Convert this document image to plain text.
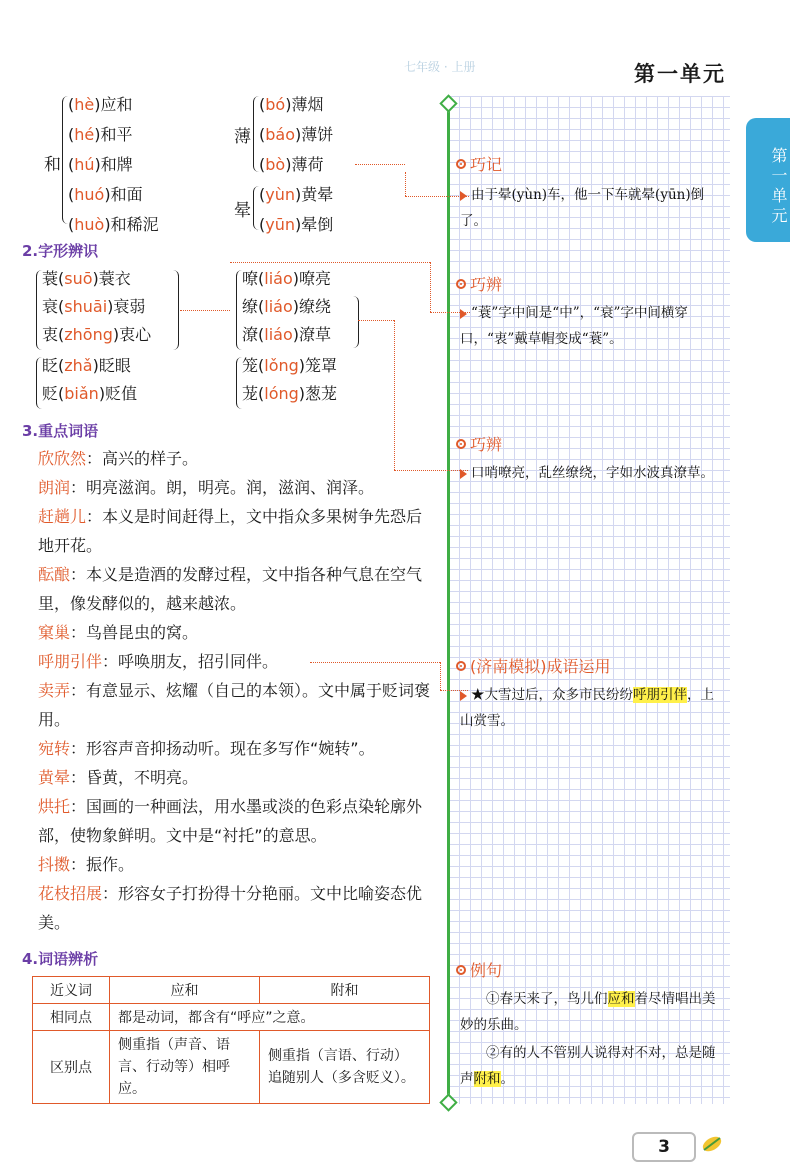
七年级 · 上册	第一单元
第一单元
和
(hè)应和
(hé)和平
(hú)和牌
(huó)和面
(huò)和稀泥
薄
(bó)薄烟
(báo)薄饼
(bò)薄荷
晕
(yùn)黄晕
(yūn)晕倒
2.字形辨识
蓑(suō)蓑衣
衰(shuāi)衰弱
衷(zhōng)衷心
眨(zhǎ)眨眼
贬(biǎn)贬值
嘹(liáo)嘹亮
缭(liáo)缭绕
潦(liáo)潦草
笼(lǒng)笼罩
茏(lóng)葱茏
3.重点词语
欣欣然：高兴的样子。
朗润：明亮滋润。朗，明亮。润，滋润、润泽。
赶趟儿：本义是时间赶得上，文中指众多果树争先恐后地开花。
酝酿：本义是造酒的发酵过程，文中指各种气息在空气里，像发酵似的，越来越浓。
窠巢：鸟兽昆虫的窝。
呼朋引伴：呼唤朋友，招引同伴。
卖弄：有意显示、炫耀（自己的本领）。文中属于贬词褒用。
宛转：形容声音抑扬动听。现在多写作“婉转”。
黄晕：昏黄，不明亮。
烘托：国画的一种画法，用水墨或淡的色彩点染轮廓外部，使物象鲜明。文中是“衬托”的意思。
抖擞：振作。
花枝招展：形容女子打扮得十分艳丽。文中比喻姿态优美。
4.词语辨析
近义词	应和	附和
相同点	都是动词，都含有“呼应”之意。	
区别点	侧重指（声音、语言、行动等）相呼应。	侧重指（言语、行动）追随别人（多含贬义）。
巧记
由于晕(yùn)车，他一下车就晕(yūn)倒了。
巧辨
“蓑”字中间是“中”，“衰”字中间横穿口，“衷”戴草帽变成“蓑”。
巧辨
口哨嘹亮，乱丝缭绕，字如水波真潦草。
(济南模拟)成语运用
★大雪过后，众多市民纷纷呼朋引伴，上山赏雪。
例句
①春天来了，鸟儿们应和着尽情唱出美妙的乐曲。
②有的人不管别人说得对不对，总是随声附和。
3
